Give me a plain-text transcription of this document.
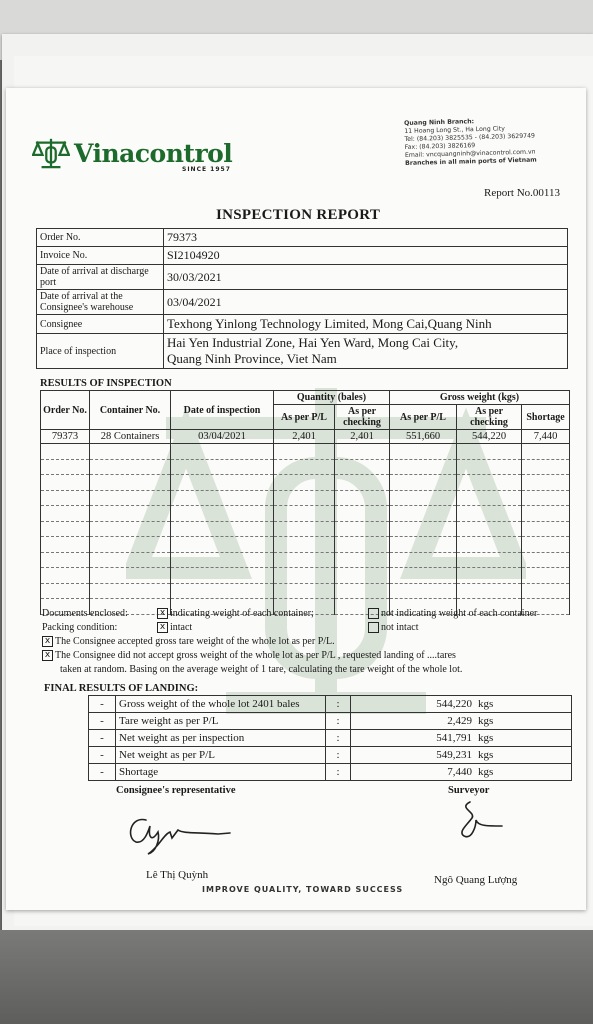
Vinacontrol
SINCE 1957
Quang Ninh Branch:
11 Hoang Long St., Ha Long City
Tel: (84.203) 3825535 - (84.203) 3629749
Fax: (84.203) 3826169
Email: vncquangninh@vinacontrol.com.vn
Branches in all main ports of Vietnam
Report No.00113
INSPECTION REPORT
Order No.	79373
Invoice No.	SI2104920
Date of arrival at discharge port	30/03/2021
Date of arrival at the Consignee's warehouse	03/04/2021
Consignee	Texhong Yinlong Technology Limited, Mong Cai,Quang Ninh
Place of inspection	Hai Yen Industrial Zone, Hai Yen Ward, Mong Cai City,
Quang Ninh Province, Viet Nam
RESULTS OF INSPECTION
Order No.	Container No.	Date of inspection	Quantity (bales)		Gross weight (kgs)		
			As per P/L	As per checking	As per P/L	As per checking	Shortage
79373	28 Containers	03/04/2021	2,401	2,401	551,660	544,220	7,440

Documents enclosed:	x indicating weight of each container;	not indicating weight of each container
Packing condition:	x intact	not intact
x The Consignee accepted gross tare weight of the whole lot as per P/L.
x The Consignee did not accept gross weight of the whole lot as per P/L , requested landing of ....tares
taken at random. Basing on the average weight of 1 tare, calculating the tare weight of the whole lot.
FINAL RESULTS OF LANDING:
-	Gross weight of the whole lot 2401 bales	:	544,220	kgs
-	Tare weight as per P/L	:	2,429	kgs
-	Net weight as per inspection	:	541,791	kgs
-	Net weight as per P/L	:	549,231	kgs
-	Shortage	:	7,440	kgs
Consignee's representative	Surveyor
Lê Thị Quỳnh	Ngô Quang Lượng
IMPROVE QUALITY, TOWARD SUCCESS
